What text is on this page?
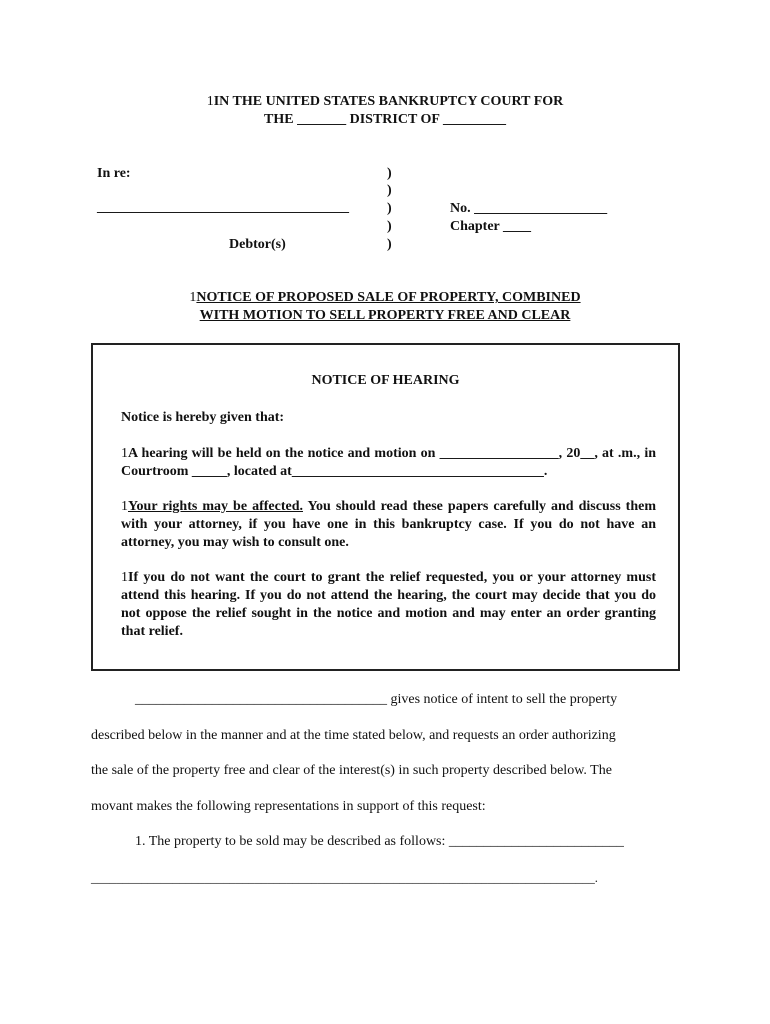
1IN THE UNITED STATES BANKRUPTCY COURT FOR
THE _______ DISTRICT OF _________
In re:
____________________________________
Debtor(s)
)
)
)
)
)
No. ___________________
Chapter ____
1NOTICE OF PROPOSED SALE OF PROPERTY, COMBINED
WITH MOTION TO SELL PROPERTY FREE AND CLEAR
NOTICE OF HEARING
Notice is hereby given that:
1A hearing will be held on the notice and motion on _________________, 20__, at .m., in Courtroom _____, located at____________________________________.
1Your rights may be affected. You should read these papers carefully and discuss them with your attorney, if you have one in this bankruptcy case. If you do not have an attorney, you may wish to consult one.
1If you do not want the court to grant the relief requested, you or your attorney must attend this hearing. If you do not attend the hearing, the court may decide that you do not oppose the relief sought in the notice and motion and may enter an order granting that relief.
____________________________________ gives notice of intent to sell the property
described below in the manner and at the time stated below, and requests an order authorizing
the sale of the property free and clear of the interest(s) in such property described below. The
movant makes the following representations in support of this request:
1. The property to be sold may be described as follows: _________________________
________________________________________________________________________________.
